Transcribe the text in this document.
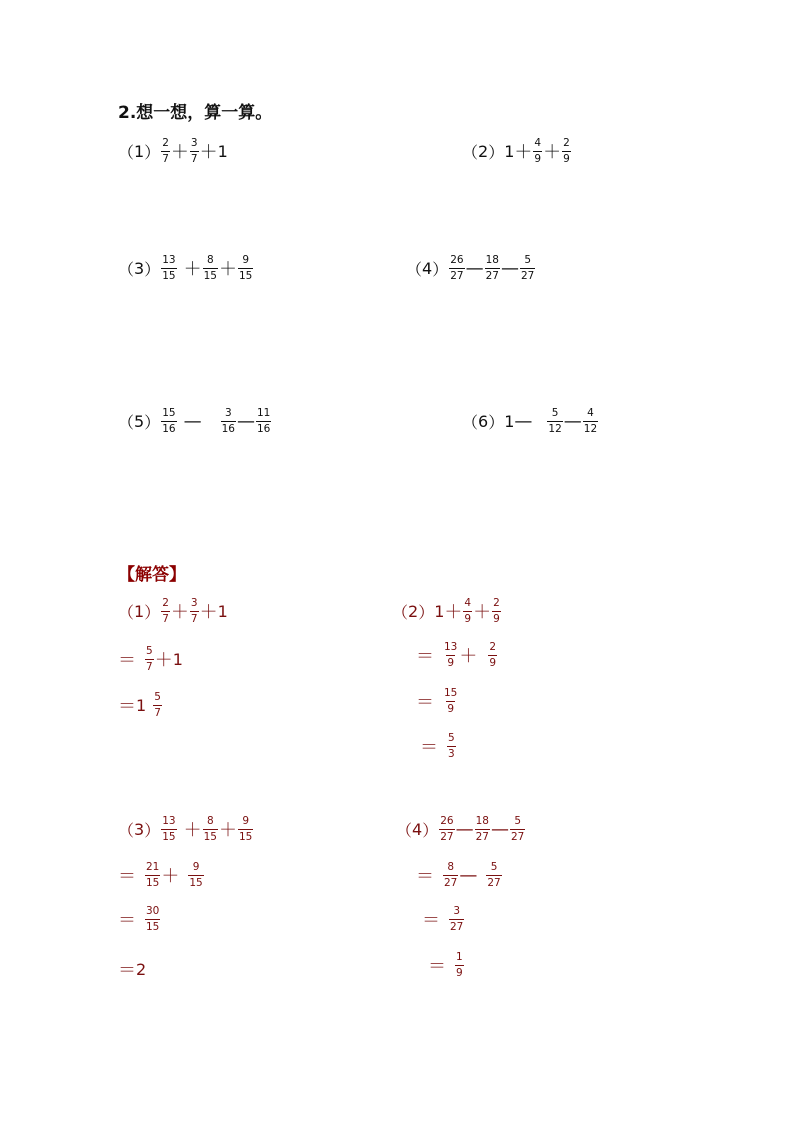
2.想一想，算一算。
（ 1 ） $\frac{2}{7} + \frac{3}{7} + 1$	（ 2 ） $1 + \frac{4}{9} + \frac{2}{9}$
（ 3 ） $\frac{13}{15} + \frac{8}{15} + \frac{9}{15}$	（ 4 ） $\frac{26}{27}$ — $\frac{18}{27}$ — $\frac{5}{27}$
（ 5 ） $\frac{15}{16}$ — $\frac{3}{16}$ — $\frac{11}{16}$	（ 6 ） 1 — $\frac{5}{12}$ — $\frac{4}{12}$
【解答】
（ 1 ） $\frac{2}{7} + \frac{3}{7} + 1$
＝ $\frac{5}{7} + 1$
＝ $1 \frac{5}{7}$
（ 2 ） $1 + \frac{4}{9} + \frac{2}{9}$
＝ $\frac{13}{9} + \frac{2}{9}$
＝ $\frac{15}{9}$
＝ $\frac{5}{3}$
（ 3 ） $\frac{13}{15} + \frac{8}{15} + \frac{9}{15}$
＝ $\frac{21}{15} + \frac{9}{15}$
＝ $\frac{30}{15}$
＝ 2
（ 4 ） $\frac{26}{27}$ — $\frac{18}{27}$ — $\frac{5}{27}$
＝ $\frac{8}{27}$ — $\frac{5}{27}$
＝ $\frac{3}{27}$
＝ $\frac{1}{9}$
